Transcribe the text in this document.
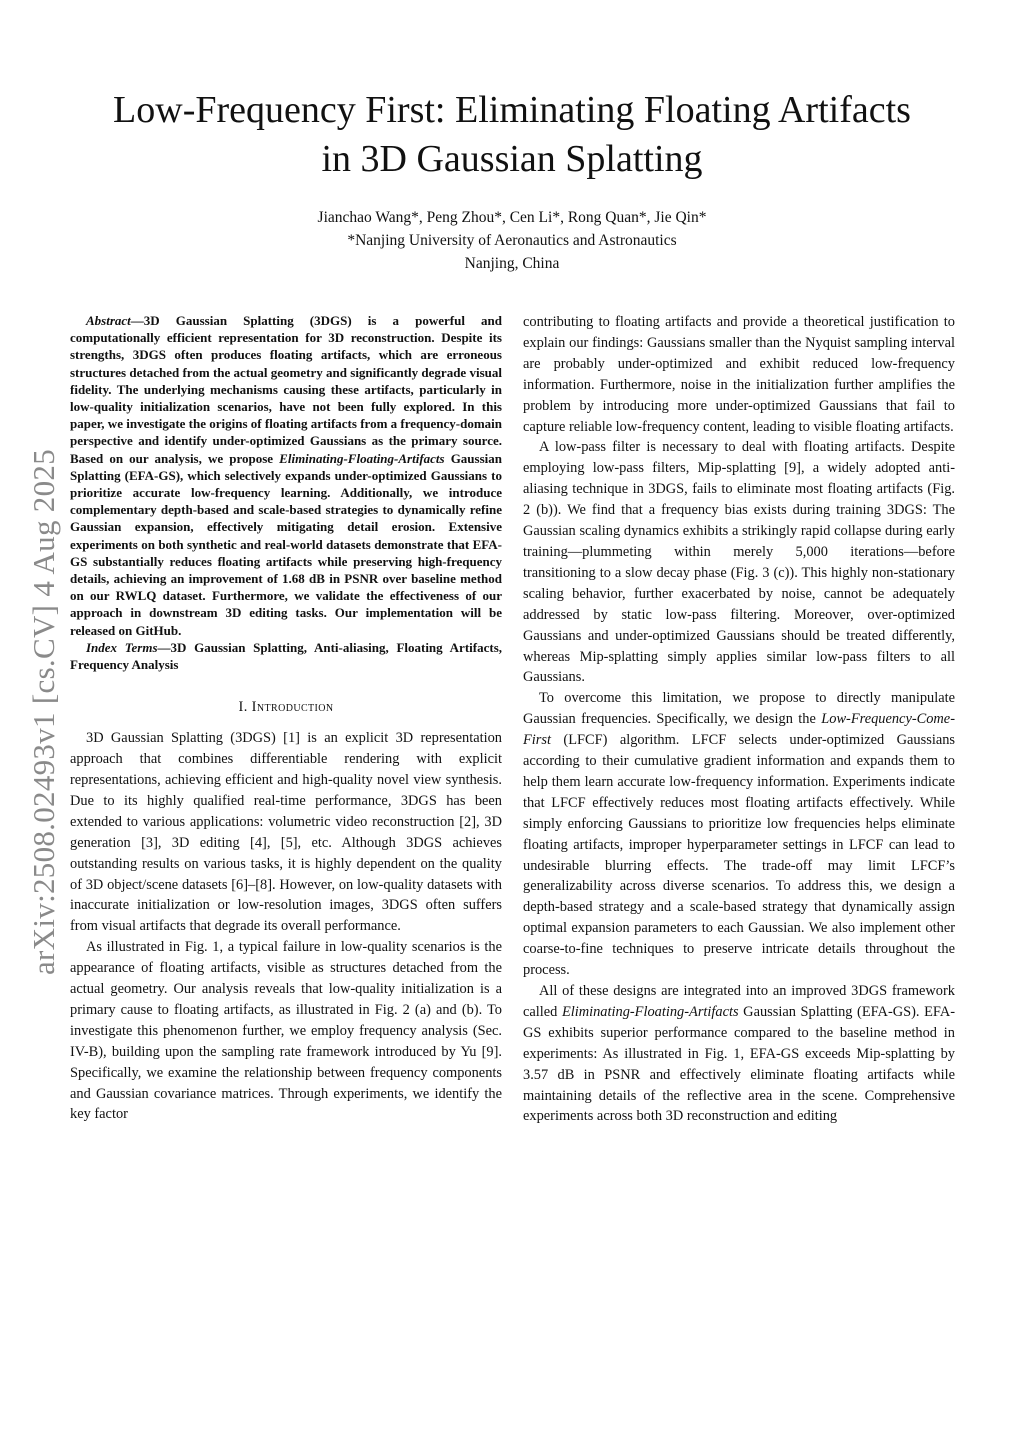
arXiv:2508.02493v1 [cs.CV] 4 Aug 2025
Low-Frequency First: Eliminating Floating Artifacts
in 3D Gaussian Splatting
Jianchao Wang*, Peng Zhou*, Cen Li*, Rong Quan*, Jie Qin*
*Nanjing University of Aeronautics and Astronautics
Nanjing, China

Abstract—3D Gaussian Splatting (3DGS) is a powerful and computationally efficient representation for 3D reconstruction. Despite its strengths, 3DGS often produces floating artifacts, which are erroneous structures detached from the actual geometry and significantly degrade visual fidelity. The underlying mechanisms causing these artifacts, particularly in low-quality initialization scenarios, have not been fully explored. In this paper, we investigate the origins of floating artifacts from a frequency-domain perspective and identify under-optimized Gaussians as the primary source. Based on our analysis, we propose Eliminating-Floating-Artifacts Gaussian Splatting (EFA-GS), which selectively expands under-optimized Gaussians to prioritize accurate low-frequency learning. Additionally, we introduce complementary depth-based and scale-based strategies to dynamically refine Gaussian expansion, effectively mitigating detail erosion. Extensive experiments on both synthetic and real-world datasets demonstrate that EFA-GS substantially reduces floating artifacts while preserving high-frequency details, achieving an improvement of 1.68 dB in PSNR over baseline method on our RWLQ dataset. Furthermore, we validate the effectiveness of our approach in downstream 3D editing tasks. Our implementation will be released on GitHub.

Index Terms—3D Gaussian Splatting, Anti-aliasing, Floating Artifacts, Frequency Analysis

I. Introduction

3D Gaussian Splatting (3DGS) [1] is an explicit 3D representation approach that combines differentiable rendering with explicit representations, achieving efficient and high-quality novel view synthesis. Due to its highly qualified real-time performance, 3DGS has been extended to various applications: volumetric video reconstruction [2], 3D generation [3], 3D editing [4], [5], etc. Although 3DGS achieves outstanding results on various tasks, it is highly dependent on the quality of 3D object/scene datasets [6]–[8]. However, on low-quality datasets with inaccurate initialization or low-resolution images, 3DGS often suffers from visual artifacts that degrade its overall performance.

As illustrated in Fig. 1, a typical failure in low-quality scenarios is the appearance of floating artifacts, visible as structures detached from the actual geometry. Our analysis reveals that low-quality initialization is a primary cause to floating artifacts, as illustrated in Fig. 2 (a) and (b). To investigate this phenomenon further, we employ frequency analysis (Sec. IV-B), building upon the sampling rate framework introduced by Yu [9]. Specifically, we examine the relationship between frequency components and Gaussian covariance matrices. Through experiments, we identify the key factor

contributing to floating artifacts and provide a theoretical justification to explain our findings: Gaussians smaller than the Nyquist sampling interval are probably under-optimized and exhibit reduced low-frequency information. Furthermore, noise in the initialization further amplifies the problem by introducing more under-optimized Gaussians that fail to capture reliable low-frequency content, leading to visible floating artifacts.

A low-pass filter is necessary to deal with floating artifacts. Despite employing low-pass filters, Mip-splatting [9], a widely adopted anti-aliasing technique in 3DGS, fails to eliminate most floating artifacts (Fig. 2 (b)). We find that a frequency bias exists during training 3DGS: The Gaussian scaling dynamics exhibits a strikingly rapid collapse during early training—plummeting within merely 5,000 iterations—before transitioning to a slow decay phase (Fig. 3 (c)). This highly non-stationary scaling behavior, further exacerbated by noise, cannot be adequately addressed by static low-pass filtering. Moreover, over-optimized Gaussians and under-optimized Gaussians should be treated differently, whereas Mip-splatting simply applies similar low-pass filters to all Gaussians.

To overcome this limitation, we propose to directly manipulate Gaussian frequencies. Specifically, we design the Low-Frequency-Come-First (LFCF) algorithm. LFCF selects under-optimized Gaussians according to their cumulative gradient information and expands them to help them learn accurate low-frequency information. Experiments indicate that LFCF effectively reduces most floating artifacts effectively. While simply enforcing Gaussians to prioritize low frequencies helps eliminate floating artifacts, improper hyperparameter settings in LFCF can lead to undesirable blurring effects. The trade-off may limit LFCF’s generalizability across diverse scenarios. To address this, we design a depth-based strategy and a scale-based strategy that dynamically assign optimal expansion parameters to each Gaussian. We also implement other coarse-to-fine techniques to preserve intricate details throughout the process.

All of these designs are integrated into an improved 3DGS framework called Eliminating-Floating-Artifacts Gaussian Splatting (EFA-GS). EFA-GS exhibits superior performance compared to the baseline method in experiments: As illustrated in Fig. 1, EFA-GS exceeds Mip-splatting by 3.57 dB in PSNR and effectively eliminate floating artifacts while maintaining details of the reflective area in the scene. Comprehensive experiments across both 3D reconstruction and editing
